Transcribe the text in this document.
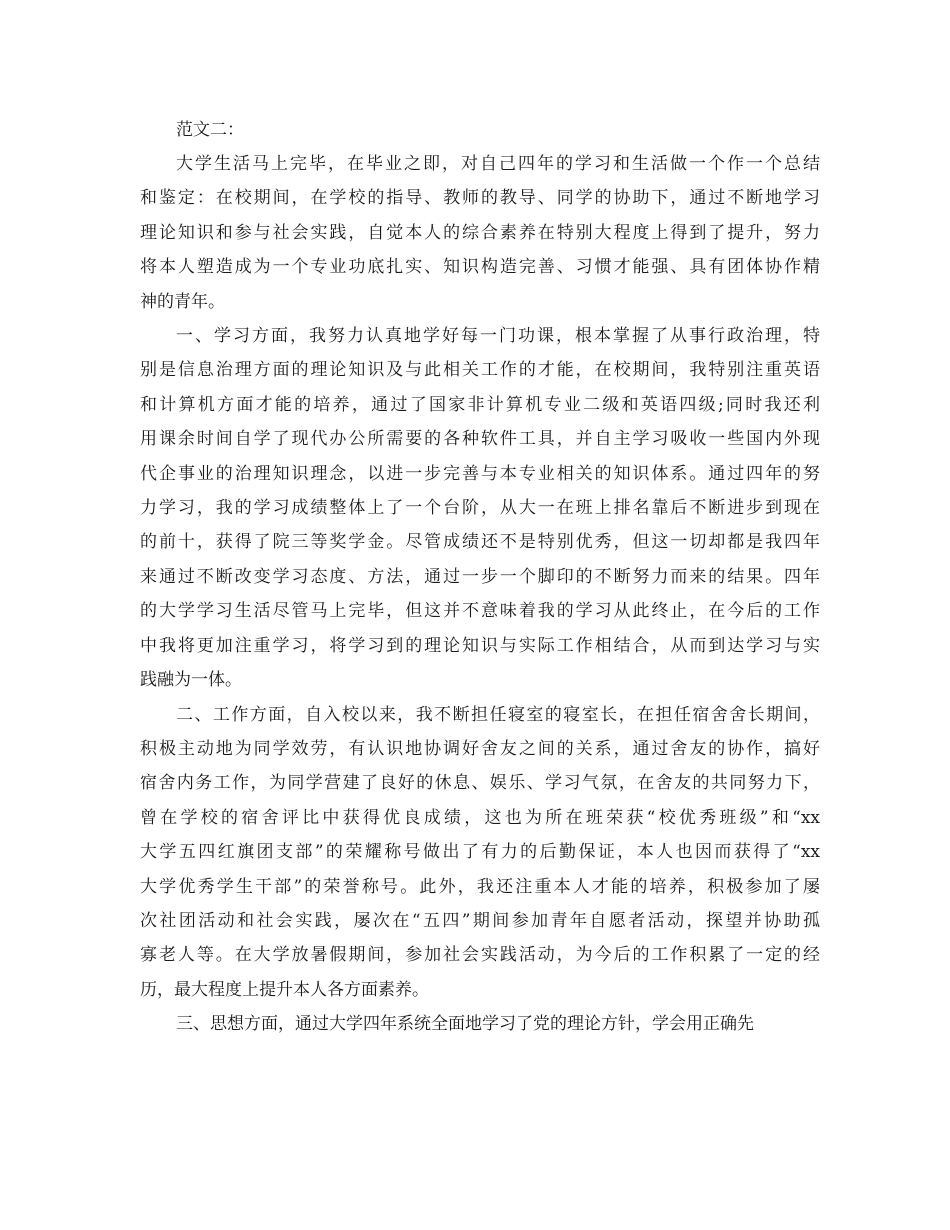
范文二：

大学生活马上完毕，在毕业之即，对自己四年的学习和生活做一个作一个总结
和鉴定：在校期间，在学校的指导、教师的教导、同学的协助下，通过不断地学习
理论知识和参与社会实践，自觉本人的综合素养在特别大程度上得到了提升，努力
将本人塑造成为一个专业功底扎实、知识构造完善、习惯才能强、具有团体协作精
神的青年。

一、学习方面，我努力认真地学好每一门功课，根本掌握了从事行政治理，特
别是信息治理方面的理论知识及与此相关工作的才能，在校期间，我特别注重英语
和计算机方面才能的培养，通过了国家非计算机专业二级和英语四级;同时我还利
用课余时间自学了现代办公所需要的各种软件工具，并自主学习吸收一些国内外现
代企事业的治理知识理念，以进一步完善与本专业相关的知识体系。通过四年的努
力学习，我的学习成绩整体上了一个台阶，从大一在班上排名靠后不断进步到现在
的前十，获得了院三等奖学金。尽管成绩还不是特别优秀，但这一切却都是我四年
来通过不断改变学习态度、方法，通过一步一个脚印的不断努力而来的结果。四年
的大学学习生活尽管马上完毕，但这并不意味着我的学习从此终止，在今后的工作
中我将更加注重学习，将学习到的理论知识与实际工作相结合，从而到达学习与实
践融为一体。

二、工作方面，自入校以来，我不断担任寝室的寝室长，在担任宿舍舍长期间，
积极主动地为同学效劳，有认识地协调好舍友之间的关系，通过舍友的协作，搞好
宿舍内务工作，为同学营建了良好的休息、娱乐、学习气氛，在舍友的共同努力下，
曾在学校的宿舍评比中获得优良成绩，这也为所在班荣获“校优秀班级”和“xx
大学五四红旗团支部”的荣耀称号做出了有力的后勤保证，本人也因而获得了“xx
大学优秀学生干部”的荣誉称号。此外，我还注重本人才能的培养，积极参加了屡
次社团活动和社会实践，屡次在“五四”期间参加青年自愿者活动，探望并协助孤
寡老人等。在大学放暑假期间，参加社会实践活动，为今后的工作积累了一定的经
历，最大程度上提升本人各方面素养。

三、思想方面，通过大学四年系统全面地学习了党的理论方针，学会用正确先
